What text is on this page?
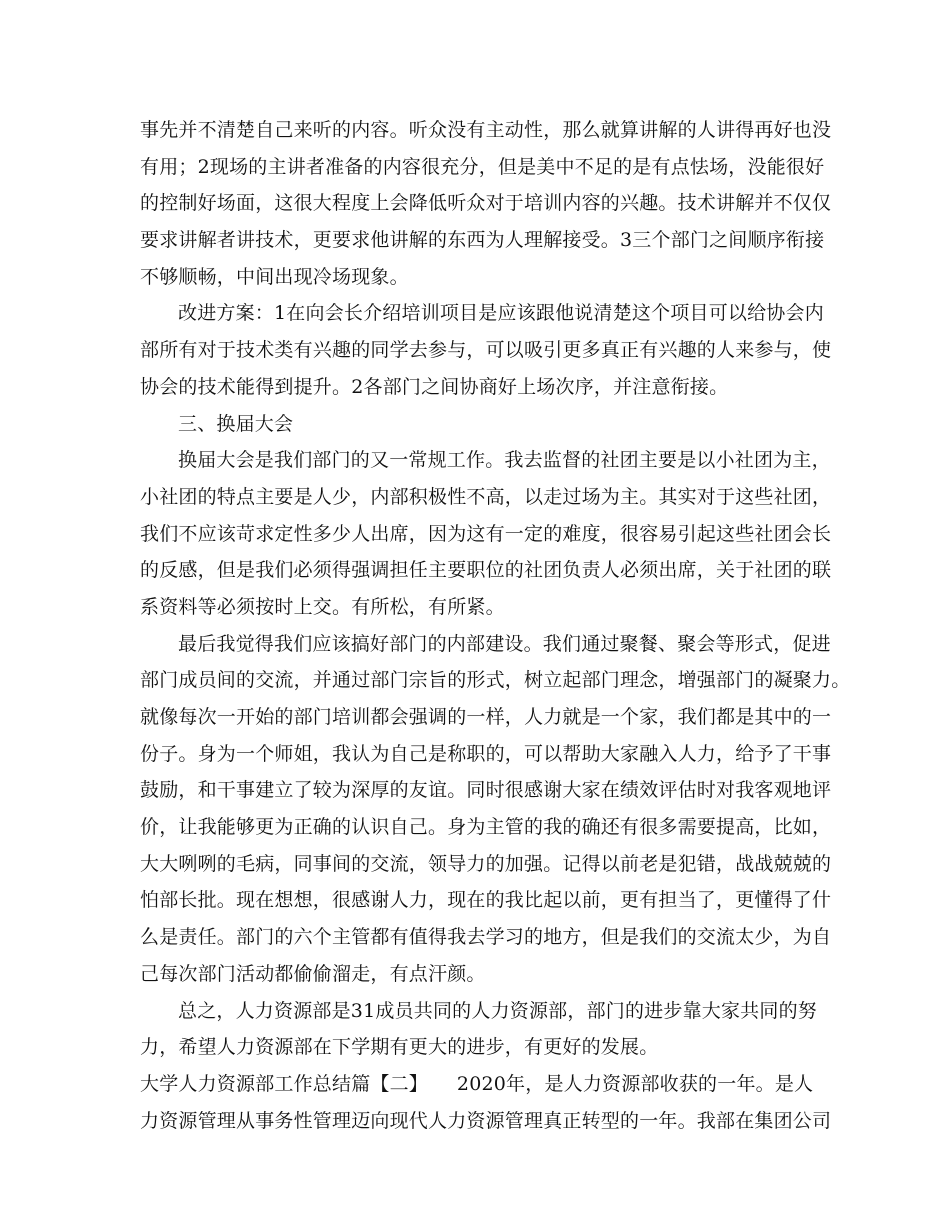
事先并不清楚自己来听的内容。听众没有主动性，那么就算讲解的人讲得再好也没
有用；2现场的主讲者准备的内容很充分，但是美中不足的是有点怯场，没能很好
的控制好场面，这很大程度上会降低听众对于培训内容的兴趣。技术讲解并不仅仅
要求讲解者讲技术，更要求他讲解的东西为人理解接受。3三个部门之间顺序衔接
不够顺畅，中间出现冷场现象。
改进方案：1在向会长介绍培训项目是应该跟他说清楚这个项目可以给协会内
部所有对于技术类有兴趣的同学去参与，可以吸引更多真正有兴趣的人来参与，使
协会的技术能得到提升。2各部门之间协商好上场次序，并注意衔接。
三、换届大会
换届大会是我们部门的又一常规工作。我去监督的社团主要是以小社团为主，
小社团的特点主要是人少，内部积极性不高，以走过场为主。其实对于这些社团，
我们不应该苛求定性多少人出席，因为这有一定的难度，很容易引起这些社团会长
的反感，但是我们必须得强调担任主要职位的社团负责人必须出席，关于社团的联
系资料等必须按时上交。有所松，有所紧。
最后我觉得我们应该搞好部门的内部建设。我们通过聚餐、聚会等形式，促进
部门成员间的交流，并通过部门宗旨的形式，树立起部门理念，增强部门的凝聚力。
就像每次一开始的部门培训都会强调的一样，人力就是一个家，我们都是其中的一
份子。身为一个师姐，我认为自己是称职的，可以帮助大家融入人力，给予了干事
鼓励，和干事建立了较为深厚的友谊。同时很感谢大家在绩效评估时对我客观地评
价，让我能够更为正确的认识自己。身为主管的我的确还有很多需要提高，比如，
大大咧咧的毛病，同事间的交流，领导力的加强。记得以前老是犯错，战战兢兢的
怕部长批。现在想想，很感谢人力，现在的我比起以前，更有担当了，更懂得了什
么是责任。部门的六个主管都有值得我去学习的地方，但是我们的交流太少，为自
己每次部门活动都偷偷溜走，有点汗颜。
总之，人力资源部是31成员共同的人力资源部，部门的进步靠大家共同的努
力，希望人力资源部在下学期有更大的进步，有更好的发展。
大学人力资源部工作总结篇【二】　　2020年，是人力资源部收获的一年。是人
力资源管理从事务性管理迈向现代人力资源管理真正转型的一年。我部在集团公司
